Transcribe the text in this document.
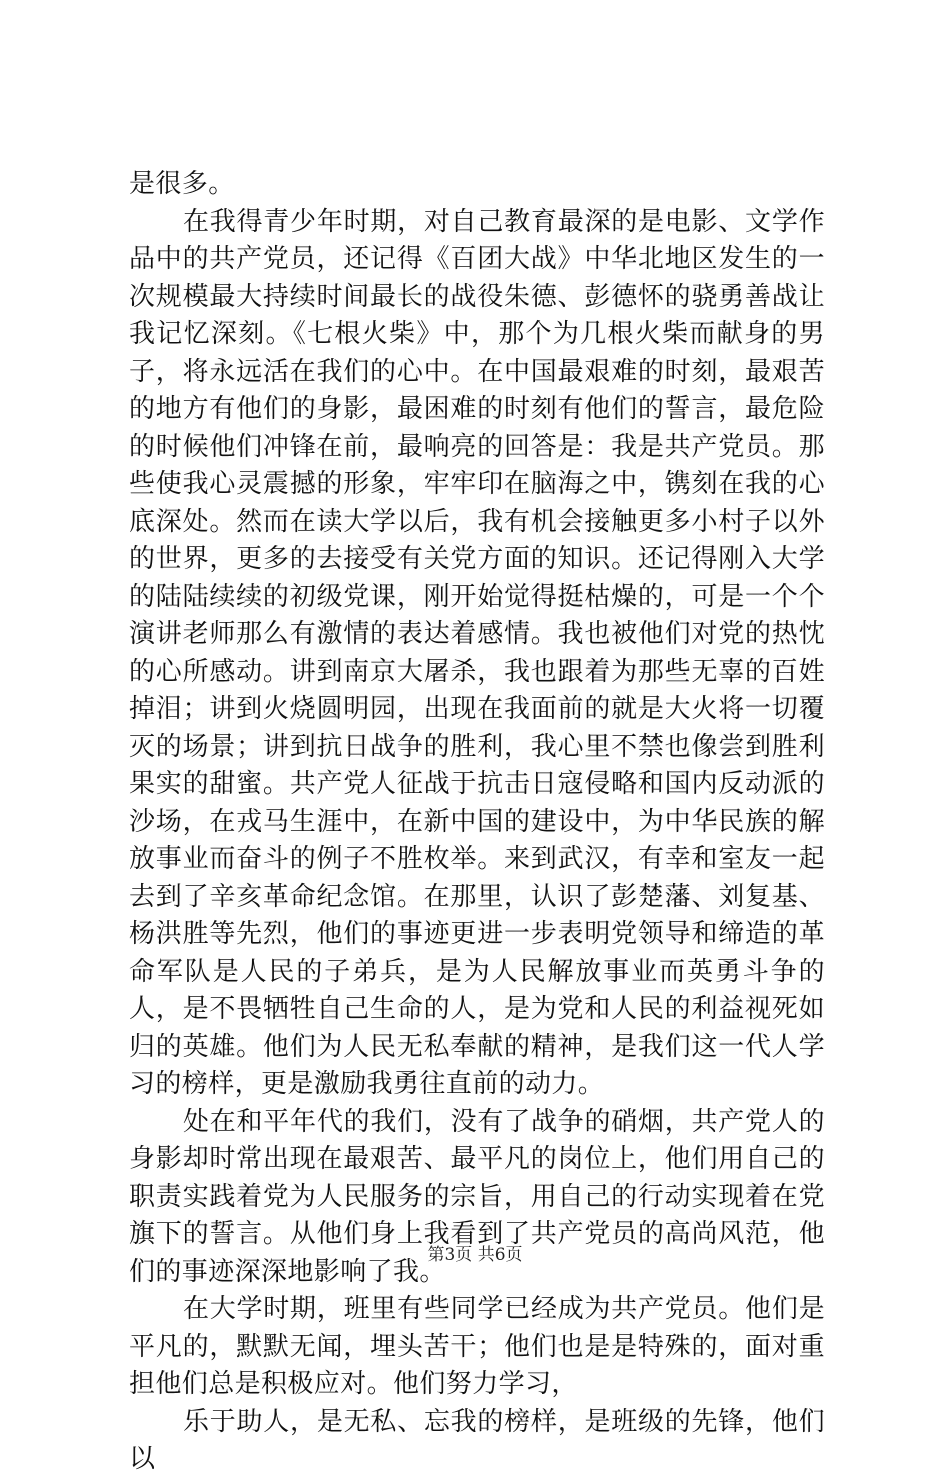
是很多。

在我得青少年时期，对自己教育最深的是电影、文学作品中的共产党员，还记得《百团大战》中华北地区发生的一次规模最大持续时间最长的战役朱德、彭德怀的骁勇善战让我记忆深刻。《七根火柴》中，那个为几根火柴而献身的男子，将永远活在我们的心中。在中国最艰难的时刻，最艰苦的地方有他们的身影，最困难的时刻有他们的誓言，最危险的时候他们冲锋在前，最响亮的回答是：我是共产党员。那些使我心灵震撼的形象，牢牢印在脑海之中，镌刻在我的心底深处。然而在读大学以后，我有机会接触更多小村子以外的世界，更多的去接受有关党方面的知识。还记得刚入大学的陆陆续续的初级党课，刚开始觉得挺枯燥的，可是一个个演讲老师那么有激情的表达着感情。我也被他们对党的热忱的心所感动。讲到南京大屠杀，我也跟着为那些无辜的百姓掉泪；讲到火烧圆明园，出现在我面前的就是大火将一切覆灭的场景；讲到抗日战争的胜利，我心里不禁也像尝到胜利果实的甜蜜。共产党人征战于抗击日寇侵略和国内反动派的沙场，在戎马生涯中，在新中国的建设中，为中华民族的解放事业而奋斗的例子不胜枚举。来到武汉，有幸和室友一起去到了辛亥革命纪念馆。在那里，认识了彭楚藩、刘复基、杨洪胜等先烈，他们的事迹更进一步表明党领导和缔造的革命军队是人民的子弟兵，是为人民解放事业而英勇斗争的人，是不畏牺牲自己生命的人，是为党和人民的利益视死如归的英雄。他们为人民无私奉献的精神，是我们这一代人学习的榜样，更是激励我勇往直前的动力。

处在和平年代的我们，没有了战争的硝烟，共产党人的身影却时常出现在最艰苦、最平凡的岗位上，他们用自己的职责实践着党为人民服务的宗旨，用自己的行动实现着在党旗下的誓言。从他们身上我看到了共产党员的高尚风范，他们的事迹深深地影响了我。

在大学时期，班里有些同学已经成为共产党员。他们是平凡的，默默无闻，埋头苦干；他们也是是特殊的，面对重担他们总是积极应对。他们努力学习，

乐于助人，是无私、忘我的榜样，是班级的先锋，他们以

第3页 共6页
